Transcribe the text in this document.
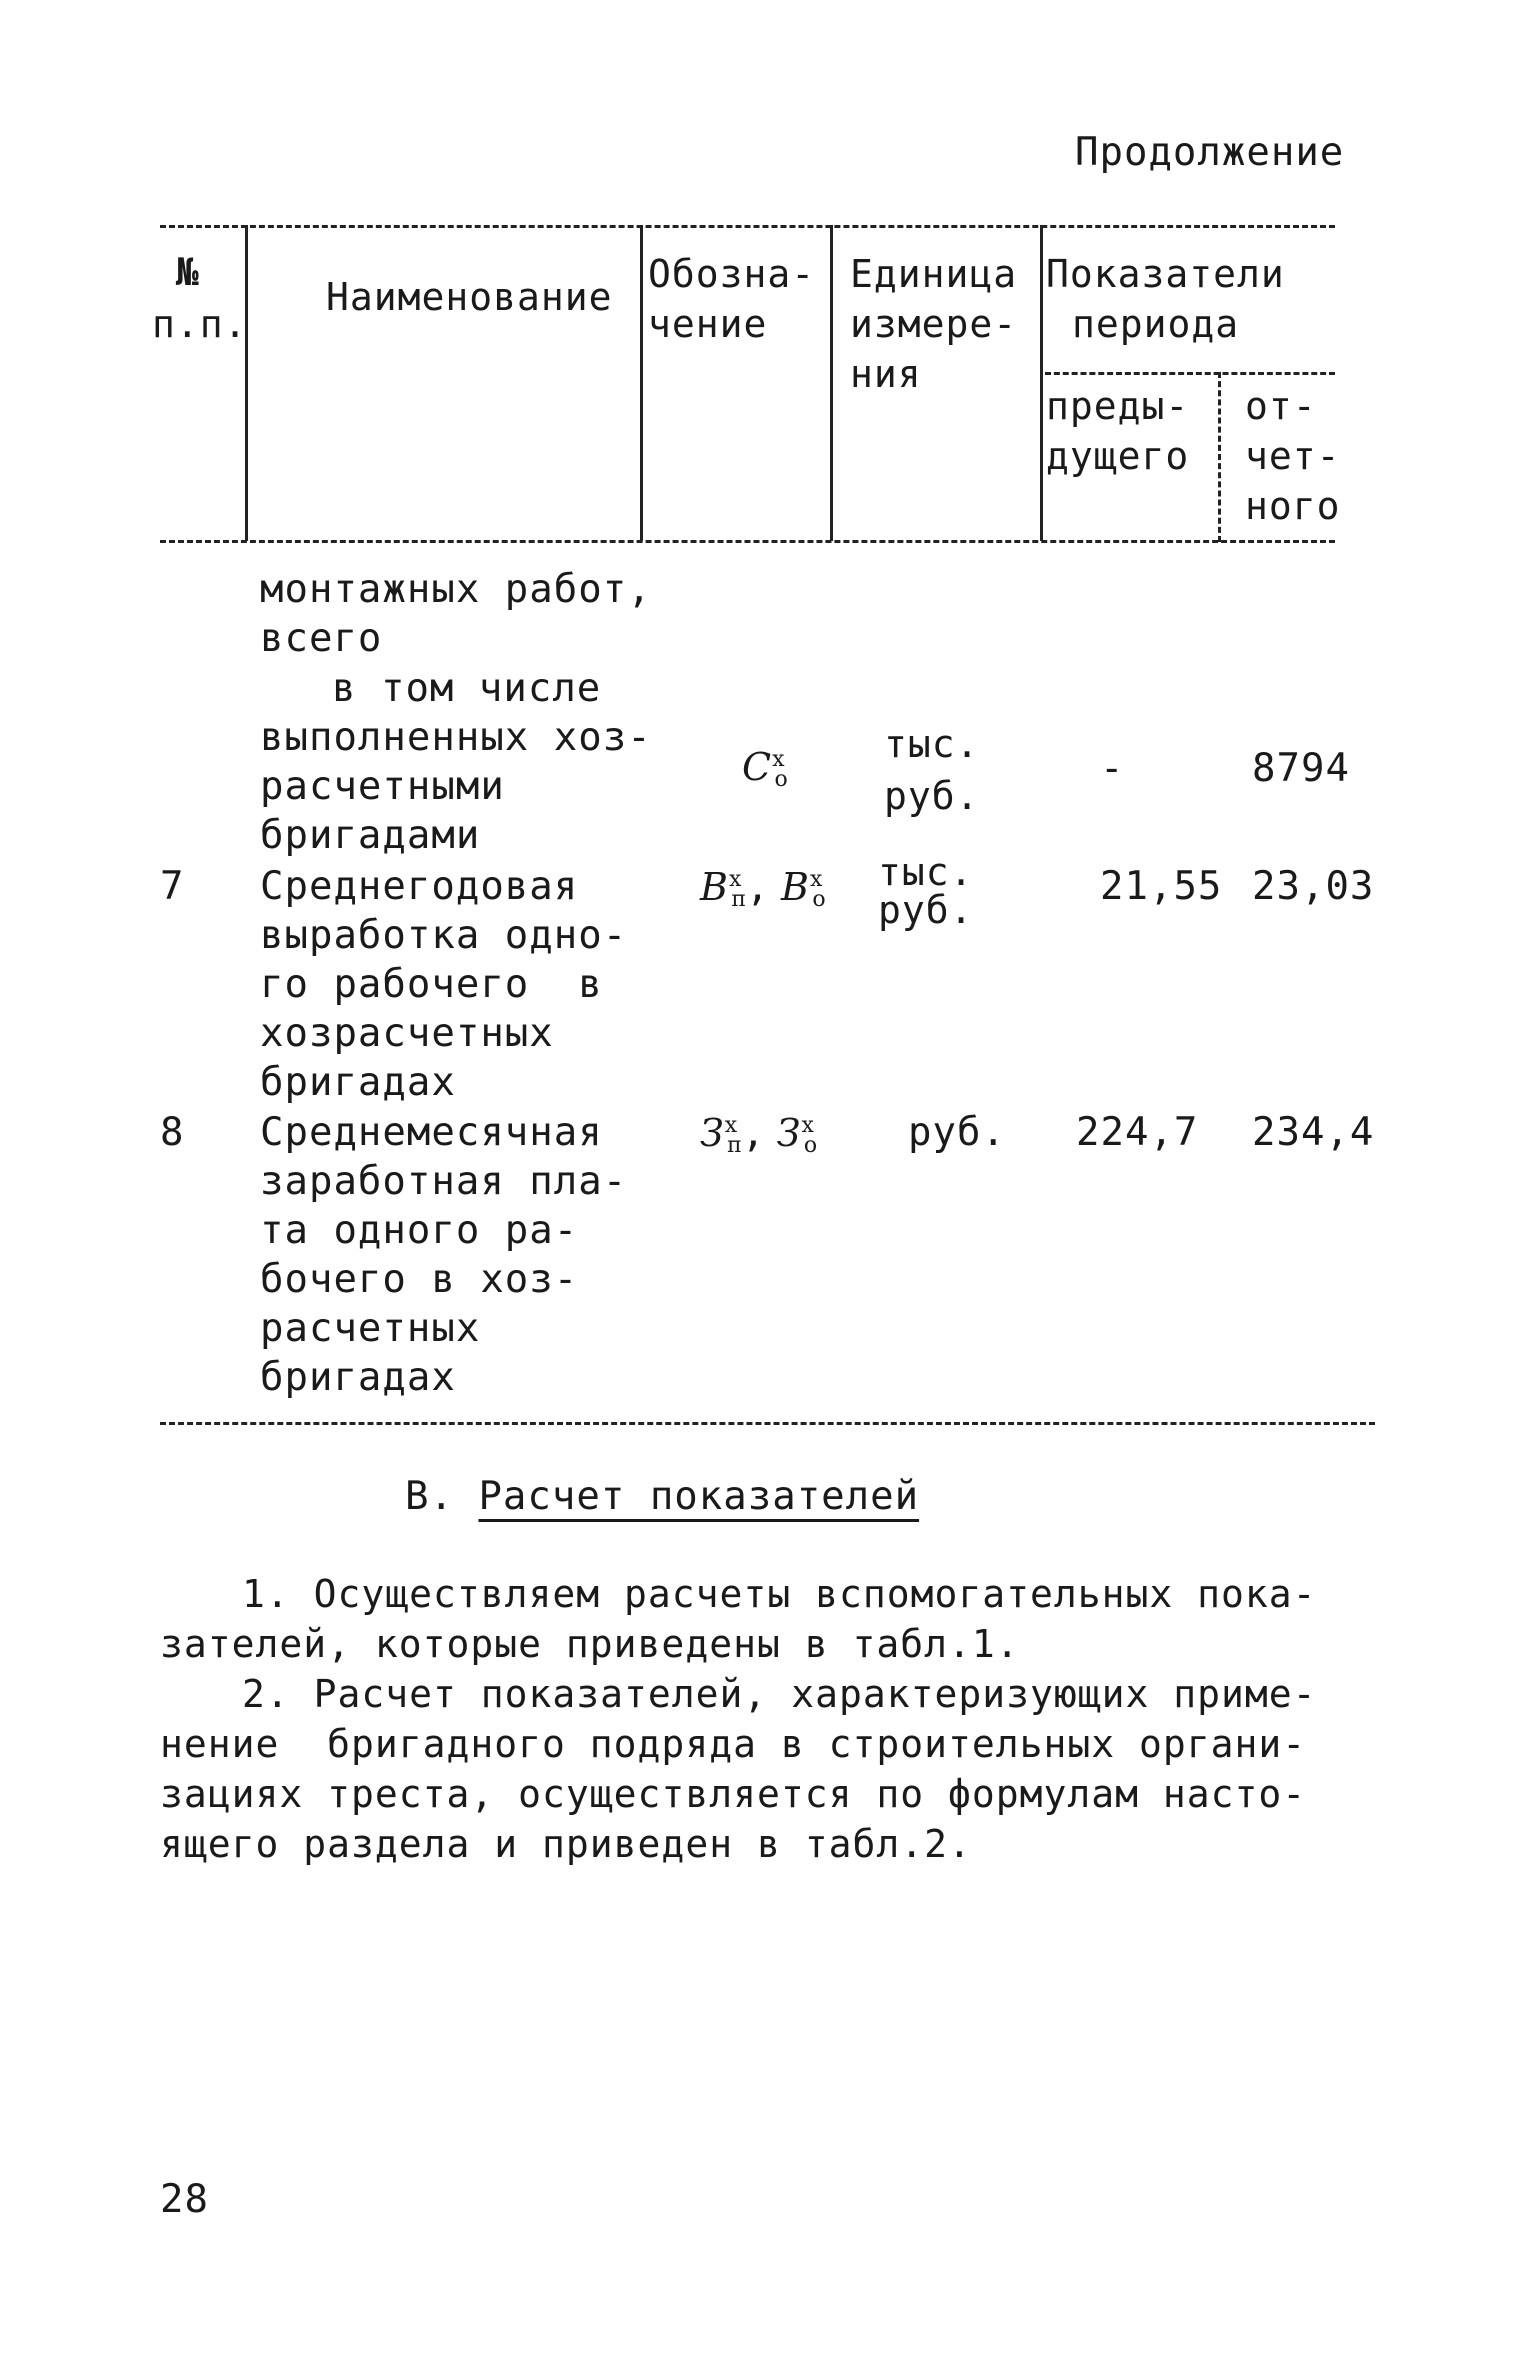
Продолжение
№
п.п.
Наименование
Обозна-
чение
Единица
измере-
ния
Показатели
периода
преды-
дущего
от-
чет-
ного
монтажных работ,
всего
в том числе
выполненных хоз-
расчетными
бригадами
$С^х_о$
тыс.
руб.
-	8794
7 Среднегодовая
выработка одно-
го рабочего  в
хозрасчетных
бригадах
$В^х_п$, $В^х_о$
тыс.
руб.
21,55 23,03
8 Среднемесячная
заработная пла-
та одного ра-
бочего в хоз-
расчетных
бригадах
$З^х_п$, $З^х_о$ руб. 224,7 234,4
В. Расчет показателей
1. Осуществляем расчеты вспомогательных пока-
зателей, которые приведены в табл.1.
2. Расчет показателей, характеризующих приме-
нение  бригадного подряда в строительных органи-
зациях треста, осуществляется по формулам насто-
ящего раздела и приведен в табл.2.
28
